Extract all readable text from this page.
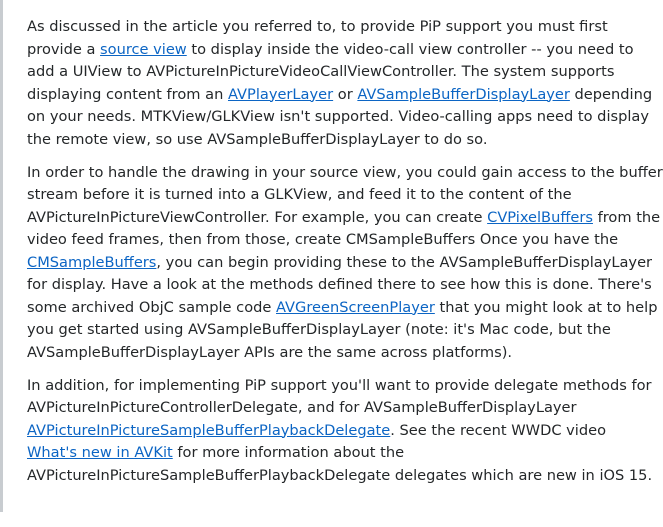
As discussed in the article you referred to, to provide PiP support you must first
provide a source view to display inside the video-call view controller -- you need to
add a UIView to AVPictureInPictureVideoCallViewController. The system supports
displaying content from an AVPlayerLayer or AVSampleBufferDisplayLayer depending
on your needs. MTKView/GLKView isn't supported. Video-calling apps need to display
the remote view, so use AVSampleBufferDisplayLayer to do so.

In order to handle the drawing in your source view, you could gain access to the buffer
stream before it is turned into a GLKView, and feed it to the content of the
AVPictureInPictureViewController. For example, you can create CVPixelBuffers from the
video feed frames, then from those, create CMSampleBuffers Once you have the
CMSampleBuffers, you can begin providing these to the AVSampleBufferDisplayLayer
for display. Have a look at the methods defined there to see how this is done. There's
some archived ObjC sample code AVGreenScreenPlayer that you might look at to help
you get started using AVSampleBufferDisplayLayer (note: it's Mac code, but the
AVSampleBufferDisplayLayer APIs are the same across platforms).

In addition, for implementing PiP support you'll want to provide delegate methods for
AVPictureInPictureControllerDelegate, and for AVSampleBufferDisplayLayer
AVPictureInPictureSampleBufferPlaybackDelegate. See the recent WWDC video
What's new in AVKit for more information about the
AVPictureInPictureSampleBufferPlaybackDelegate delegates which are new in iOS 15.
